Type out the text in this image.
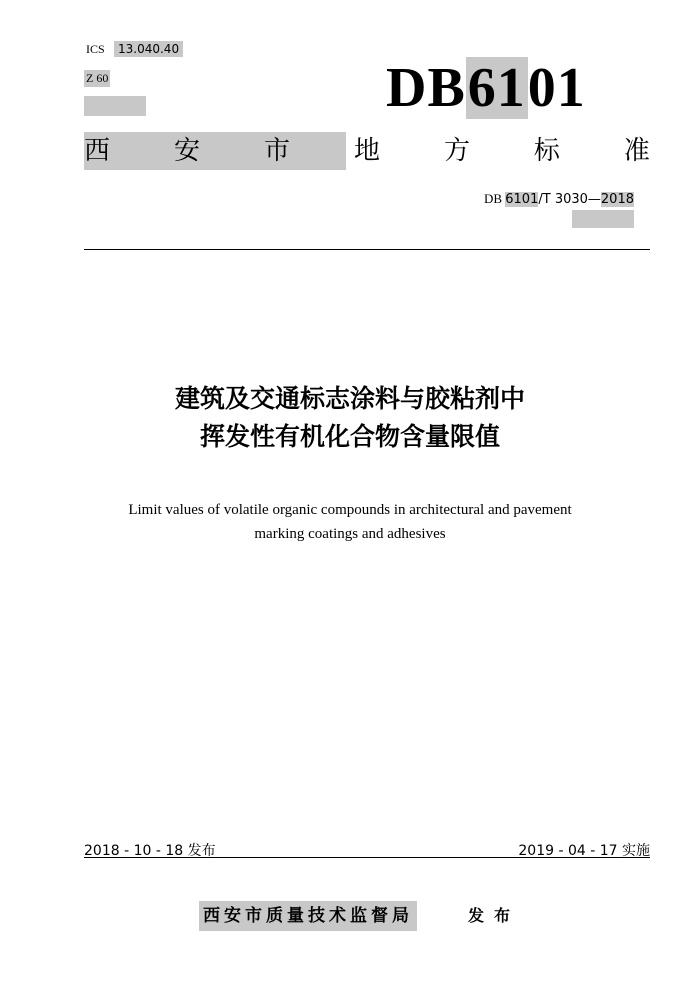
ICS	13.040.40
Z 60	DB6101
西 安 市 地 方 标 准
DB 6101/T 3030—2018
建筑及交通标志涂料与胶粘剂中
挥发性有机化合物含量限值
Limit values of volatile organic compounds in architectural and pavement
marking coatings and adhesives
2018 - 10 - 18 发布	2019 - 04 - 17 实施
西安市质量技术监督局	发布
